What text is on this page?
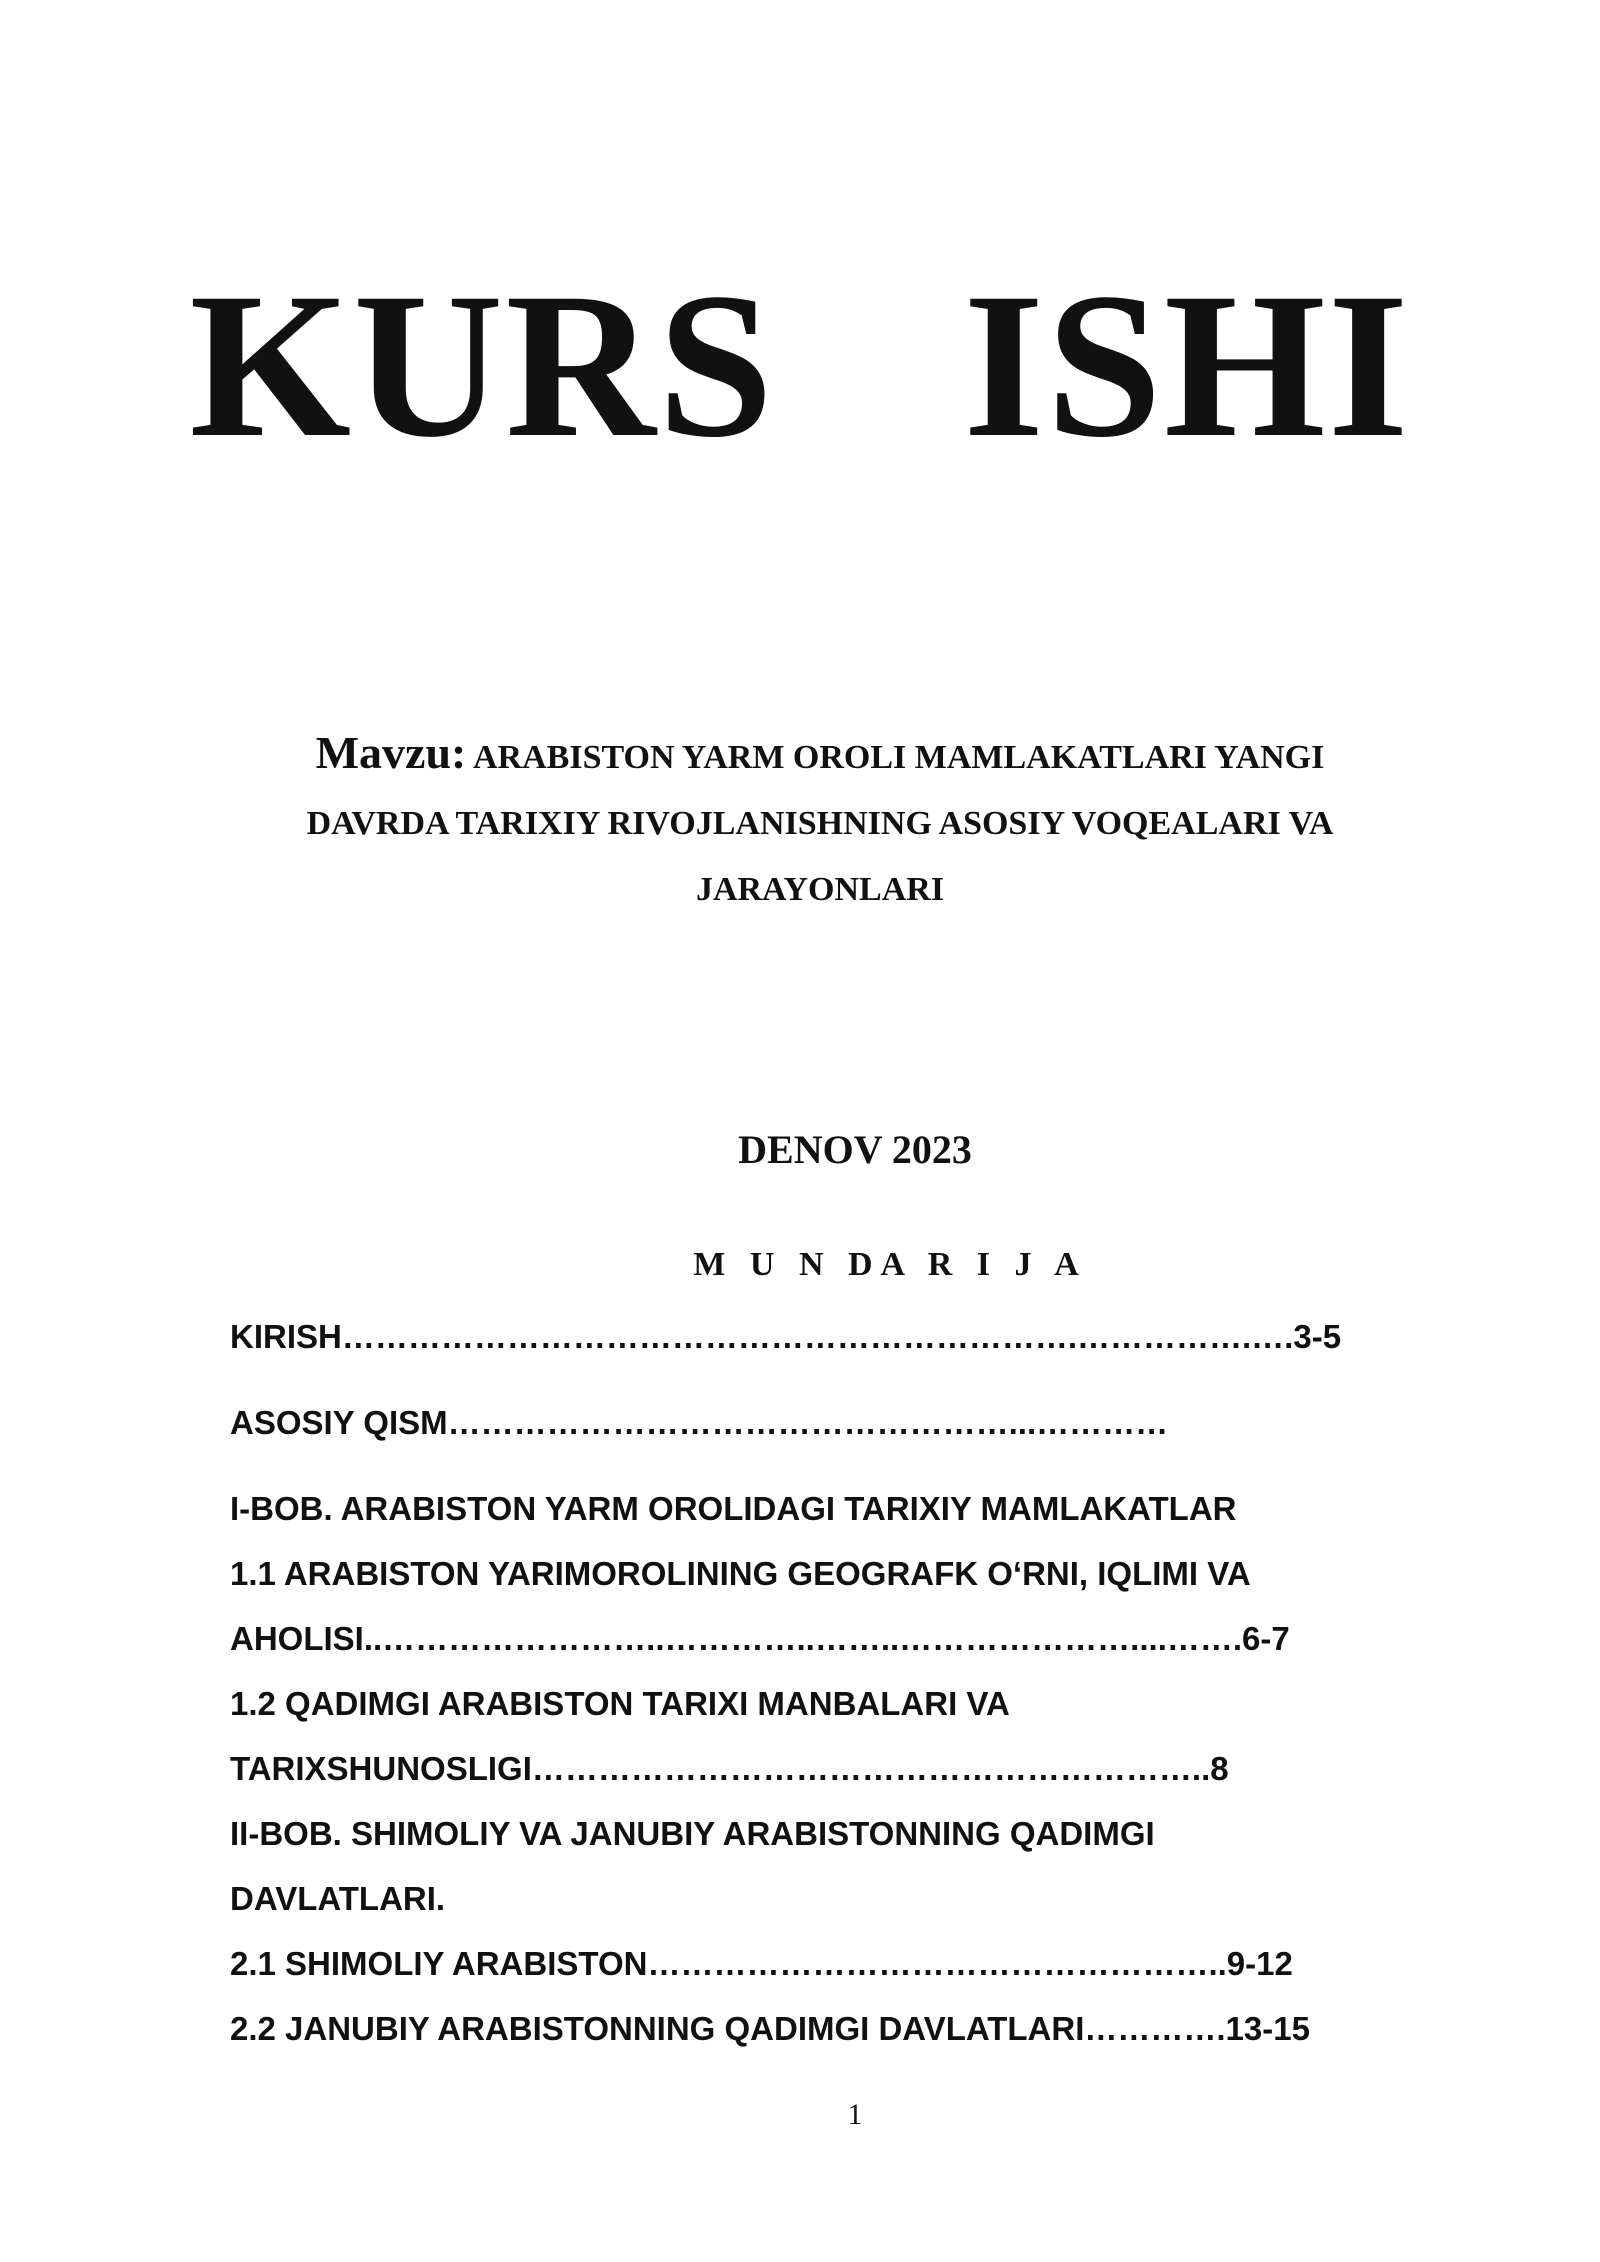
KURS  ISHI
Mavzu: ARABISTON YARM OROLI MAMLAKATLARI YANGI
DAVRDA TARIXIY RIVOJLANISHNING ASOSIY VOQEALARI VA
JARAYONLARI
DENOV 2023
M U N DA R I J A
KIRISH………………………………………………………….…………….….3-5
ASOSIY QISM……………………………………………...…………
I-BOB. ARABISTON YARM OROLIDAGI TARIXIY MAMLAKATLAR
1.1 ARABISTON YARIMOROLINING GEOGRAFK O‘RNI, IQLIMI VA
AHOLISI..……………………..…………..……..…………………....…….6-7
1.2 QADIMGI ARABISTON TARIXI MANBALARI VA
TARIXSHUNOSLIGI……………………………………………………..8
II-BOB. SHIMOLIY VA JANUBIY ARABISTONNING QADIMGI
DAVLATLARI.
2.1 SHIMOLIY ARABISTON……………………………………………..9-12
2.2 JANUBIY ARABISTONNING QADIMGI DAVLATLARI………….13-15
1
